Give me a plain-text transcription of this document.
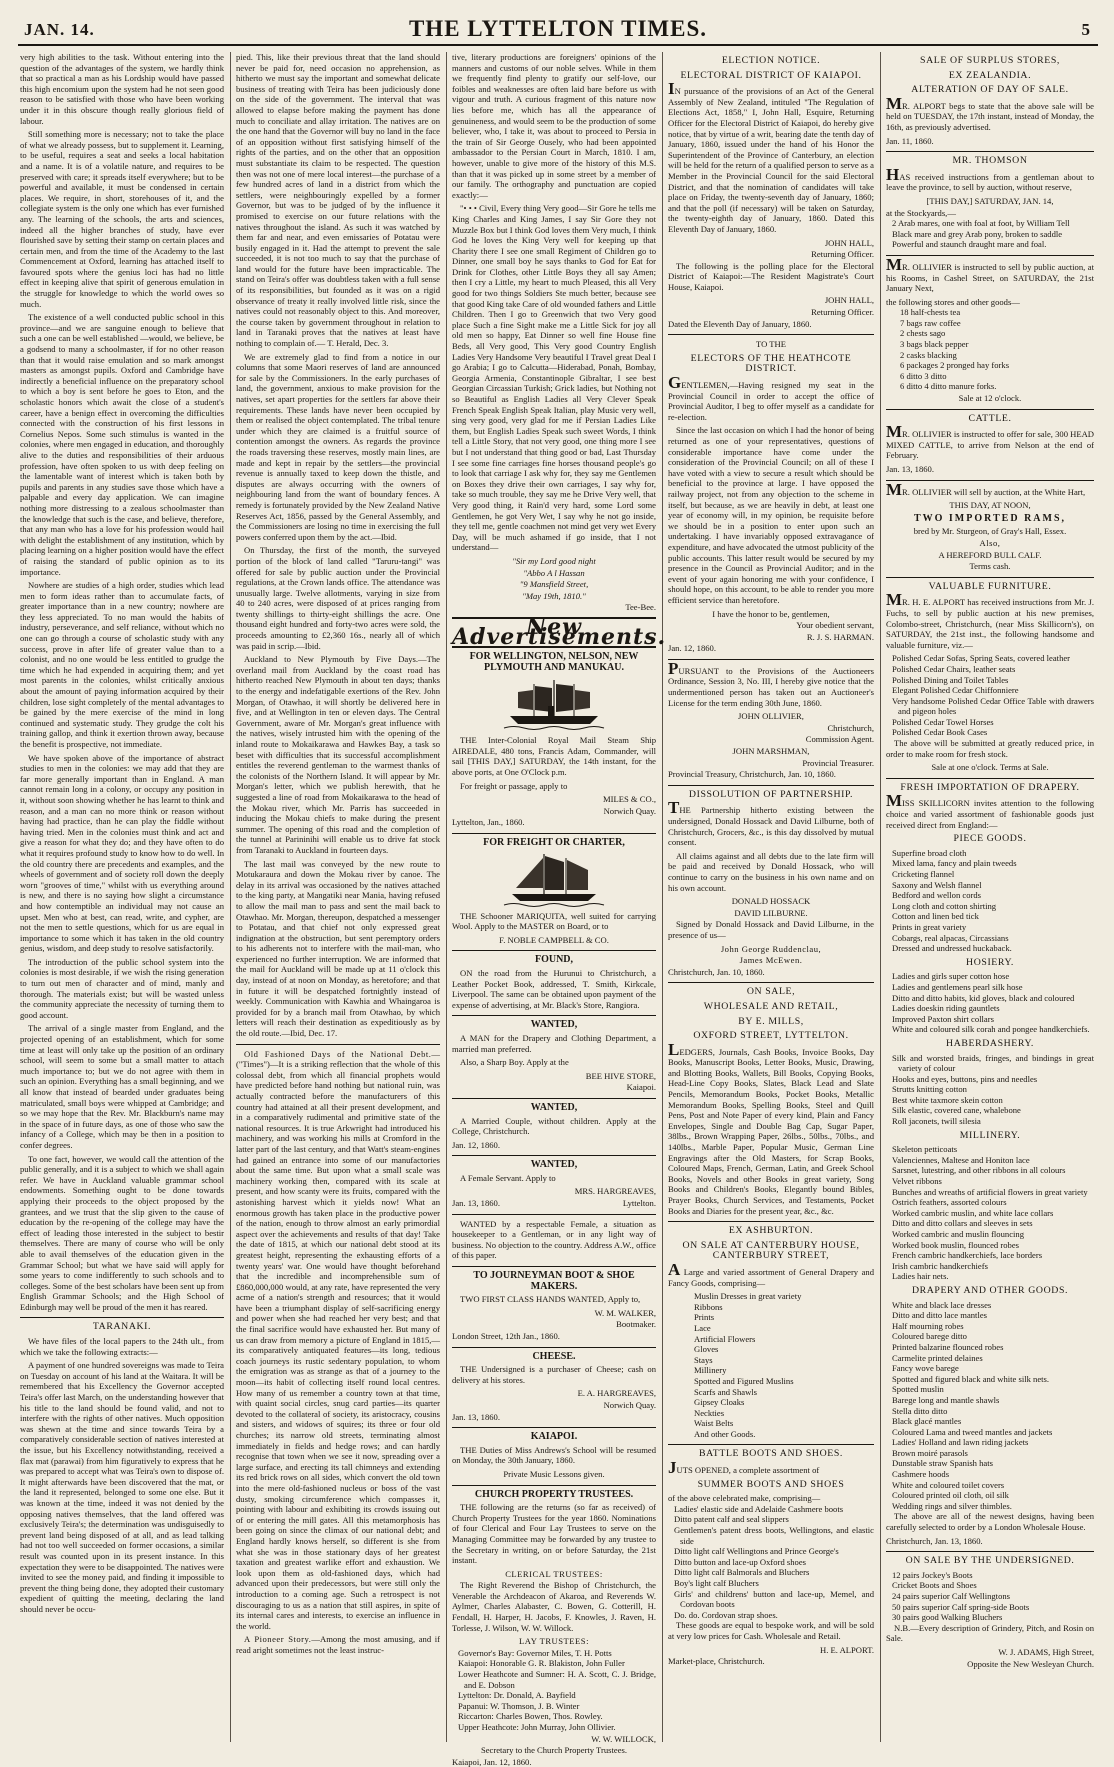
JAN. 14.	THE LYTTELTON TIMES.	5

very high abilities to the task. Without entering into the question of the advantages of the system, we hardly think that so practical a man as his Lordship would have passed this high encomium upon the system had he not seen good reason to be satisfied with those who have been working under it in this obscure though really glorious field of labour.

Still something more is necessary; not to take the place of what we already possess, but to supplement it. Learning, to be useful, requires a seat and seeks a local habitation and a name. It is of a volatile nature, and requires to be preserved with care; it spreads itself everywhere; but to be powerful and available, it must be condensed in certain places. We require, in short, storehouses of it, and the collegiate system is the only one which has ever furnished any. The learning of the schools, the arts and sciences, indeed all the higher branches of study, have ever flourished save by setting their stamp on certain places and certain men, and from the time of the Academy to the last Commencement at Oxford, learning has attached itself to favoured spots where the genius loci has had no little effect in keeping alive that spirit of generous emulation in the struggle for knowledge to which the world owes so much.

The existence of a well conducted public school in this province—and we are sanguine enough to believe that such a one can be well established —would, we believe, be a godsend to many a schoolmaster, if for no other reason than that it would raise emulation and so mark amongst masters as amongst pupils. Oxford and Cambridge have indirectly a beneficial influence on the preparatory school to which a boy is sent before he goes to Eton, and the scholastic honors which await the close of a student's career, have a benign effect in overcoming the difficulties connected with the construction of his first lessons in Cornelius Nepos. Some such stimulus is wanted in the colonies, where men engaged in education, and thoroughly alive to the duties and responsibilities of their arduous profession, have often spoken to us with deep feeling on the lamentable want of interest which is taken both by pupils and parents in any studies save those which have a palpable and every day application. We can imagine nothing more distressing to a zealous schoolmaster than the knowledge that such is the case, and believe, therefore, that any man who has a love for his profession would hail with delight the establishment of any institution, which by placing learning on a higher position would have the effect of raising the standard of public opinion as to its importance.

Nowhere are studies of a high order, studies which lead men to form ideas rather than to accumulate facts, of greater importance than in a new country; nowhere are they less appreciated. To no man would the habits of industry, perseverance, and self reliance, without which no one can go through a course of scholastic study with any success, prove in after life of greater value than to a colonist, and no one would be less entitled to grudge the time which he had expended in acquiring them; and yet most parents in the colonies, whilst critically anxious about the amount of paying information acquired by their children, lose sight completely of the mental advantages to be gained by the mere exercise of the mind in long continued and systematic study. They grudge the colt his training gallop, and think it exertion thrown away, because the benefit is prospective, not immediate.

We have spoken above of the importance of abstract studies to men in the colonies: we may add that they are far more generally important than in England. A man cannot remain long in a colony, or occupy any position in it, without soon showing whether he has learnt to think and reason, and a man can no more think or reason without having had practice, than he can play the fiddle without having tried. Men in the colonies must think and act and give a reason for what they do; and they have often to do what it requires profound study to know how to do well. In the old country there are precedents and examples, and the wheels of government and of society roll down the deeply worn "grooves of time," whilst with us everything around is new, and there is no saying how slight a circumstance and how contemptible an individual may not cause an upset. Men who at best, can read, write, and cypher, are not the men to settle questions, which for us are equal in importance to some which it has taken in the old country genius, wisdom, and deep study to resolve satisfactorily.

The introduction of the public school system into the colonies is most desirable, if we wish the rising generation to turn out men of character and of mind, manly and thorough. The materials exist; but will be wasted unless the community appreciate the necessity of turning them to good account.

The arrival of a single master from England, and the projected opening of an establishment, which for some time at least will only take up the position of an ordinary school, will seem to some but a small matter to attach much importance to; but we do not agree with them in such an opinion. Everything has a small beginning, and we all know that instead of bearded under graduates being matriculated, small boys were whipped at Cambridge; and so we may hope that the Rev. Mr. Blackburn's name may in the space of in future days, as one of those who saw the infancy of a College, which may be then in a position to confer degrees.

To one fact, however, we would call the attention of the public generally, and it is a subject to which we shall again refer. We have in Auckland valuable grammar school endowments. Something ought to be done towards applying their proceeds to the object proposed by the grantees, and we trust that the slip given to the cause of education by the re-opening of the college may have the effect of leading those interested in the subject to bestir themselves. There are many of course who will be only able to avail themselves of the education given in the Grammar School; but what we have said will apply for some years to come indifferently to such schools and to colleges. Some of the best scholars have been sent up from English Grammar Schools; and the High School of Edinburgh may well be proud of the men it has reared.

TARANAKI.

We have files of the local papers to the 24th ult., from which we take the following extracts:—

A payment of one hundred sovereigns was made to Teira on Tuesday on account of his land at the Waitara. It will be remembered that his Excellency the Governor accepted Teira's offer last March, on the understanding however that his title to the land should be found valid, and not to interfere with the rights of other natives. Much opposition was shewn at the time and since towards Teira by a comparatively considerable section of natives interested at the issue, but his Excellency notwithstanding, received a flax mat (parawai) from him figuratively to express that he was prepared to accept what was Teira's own to dispose of. It might afterwards have been discovered that the mat, or the land it represented, belonged to some one else. But it was known at the time, indeed it was not denied by the opposing natives themselves, that the land offered was exclusively Teira's; the determination was undisguisedly to prevent land being disposed of at all, and as lead talking had not too well succeeded on former occasions, a similar result was counted upon in its present instance. In this expectation they were to be disappointed. The natives were invited to see the money paid, and finding it impossible to prevent the thing being done, they adopted their customary expedient of quitting the meeting, declaring the land should never be occu-

pied. This, like their previous threat that the land should never be paid for, need occasion no apprehension, as hitherto we must say the important and somewhat delicate business of treating with Teira has been judiciously done on the side of the government. The interval that was allowed to elapse before making the payment has done much to conciliate and allay irritation. The natives are on the one hand that the Governor will buy no land in the face of an opposition without first satisfying himself of the rights of the parties, and on the other that an opposition must substantiate its claim to be respected. The question then was not one of mere local interest—the purchase of a few hundred acres of land in a district from which the settlers, were neighbouringly expelled by a former Governor, but was to be judged of by the influence it promised to exercise on our future relations with the natives throughout the island. As such it was watched by them far and near, and even emissaries of Potatau were busily engaged in it. Had the attempt to prevent the sale succeeded, it is not too much to say that the purchase of land would for the future have been impracticable. The stand on Teira's offer was doubtless taken with a full sense of its responsibilities, but founded as it was on a rigid observance of treaty it really involved little risk, since the natives could not reasonably object to this. And moreover, the course taken by government throughout in relation to land in Taranaki proves that the natives at least have nothing to complain of.— T. Herald, Dec. 3.

We are extremely glad to find from a notice in our columns that some Maori reserves of land are announced for sale by the Commissioners. In the early purchases of land, the government, anxious to make provision for the natives, set apart properties for the settlers far above their requirements. These lands have never been occupied by them or realised the object contemplated. The tribal tenure under which they are claimed is a fruitful source of contention amongst the owners. As regards the province the roads traversing these reserves, mostly main lines, are made and kept in repair by the settlers—the provincial revenue is annually taxed to keep down the thistle, and disputes are always occurring with the owners of neighbouring land from the want of boundary fences. A remedy is fortunately provided by the New Zealand Native Reserves Act, 1856, passed by the General Assembly, and the Commissioners are losing no time in exercising the full powers conferred upon them by the act.—Ibid.

On Thursday, the first of the month, the surveyed portion of the block of land called "Taruru-tangi" was offered for sale by public auction under the Provincial regulations, at the Crown lands office. The attendance was unusually large. Twelve allotments, varying in size from 40 to 240 acres, were disposed of at prices ranging from twenty shillings to thirty-eight shillings the acre. One thousand eight hundred and forty-two acres were sold, the proceeds amounting to £2,360 16s., nearly all of which was paid in scrip.—Ibid.

Auckland to New Plymouth by Five Days.—The overland mail from Auckland by the coast road has hitherto reached New Plymouth in about ten days; thanks to the energy and indefatigable exertions of the Rev. John Morgan, of Otawhao, it will shortly be delivered here in five, and at Wellington in ten or eleven days. The Central Government, aware of Mr. Morgan's great influence with the natives, wisely intrusted him with the opening of the inland route to Mokaikarawa and Hawkes Bay, a task so beset with difficulties that its successful accomplishment entitles the reverend gentleman to the warmest thanks of the colonists of the Northern Island. It will appear by Mr. Morgan's letter, which we publish herewith, that he suggested a line of road from Mokaikarawa to the head of the Mokau river, which Mr. Parris has succeeded in inducing the Mokau chiefs to make during the present summer. The opening of this road and the completion of the tunnel at Parininihi will enable us to drive fat stock from Taranaki to Auckland in fourteen days.

The last mail was conveyed by the new route to Motukaraura and down the Mokau river by canoe. The delay in its arrival was occasioned by the natives attached to the king party, at Mangatiki near Mania, having refused to allow the mail man to pass and sent the mail back to Otawhao. Mr. Morgan, thereupon, despatched a messenger to Potatau, and that chief not only expressed great indignation at the obstruction, but sent peremptory orders to his adherents not to interfere with the mail-man, who experienced no further interruption. We are informed that the mail for Auckland will be made up at 11 o'clock this day, instead of at noon on Monday, as heretofore; and that in future it will be despatched fortnightly instead of weekly. Communication with Kawhia and Whaingaroa is provided for by a branch mail from Otawhao, by which letters will reach their destination as expeditiously as by the old route.—Ibid, Dec. 17.

Old Fashioned Days of the National Debt.—("Times")—It is a striking reflection that the whole of this colossal debt, from which all financial prophets would have predicted before hand nothing but national ruin, was actually contracted before the manufacturers of this country had attained at all their present development, and in a comparatively rudimental and primitive state of the national resources. It is true Arkwright had introduced his machinery, and was working his mills at Cromford in the latter part of the last century, and that Watt's steam-engines had gained an entrance into some of our manufactories about the same time. But upon what a small scale was machinery working then, compared with its scale at present, and how scanty were its fruits, compared with the astonishing harvest which it yields now! What an enormous growth has taken place in the productive power of the nation, enough to throw almost an early primordial aspect over the achievements and results of that day! Take the date of 1815, at which our national debt stood at its greatest height, representing the exhausting efforts of a twenty years' war. One would have thought beforehand that the incredible and incomprehensible sum of £860,000,000 would, at any rate, have represented the very acme of a nation's strength and resources; that it would have been a triumphant display of self-sacrificing energy and power when she had reached her very best; and that the final sacrifice would have exhausted her. But many of us can draw from memory a picture of England in 1815,—its comparatively antiquated features—its long, tedious coach journeys its rustic sedentary population, to whom the emigration was as strange as that of a journey to the moon—its habit of collecting itself round local centres. How many of us remember a country town at that time, with quaint social circles, snug card parties—its quarter devoted to the collateral of society, its aristocracy, cousins and sisters, and widows of squires; its three or four old churches; its narrow old streets, terminating almost immediately in fields and hedge rows; and can hardly recognise that town when we see it now, spreading over a large surface, and erecting its tall chimneys and extending its red brick rows on all sides, which convert the old town into the mere old-fashioned nucleus or boss of the vast dusty, smoking circumference which compasses it, pointing with labour and exhibiting its crowds issuing out of or entering the mill gates. All this metamorphosis has been going on since the climax of our national debt; and England hardly knows herself, so different is she from what she was in those stationary days of her greatest taxation and greatest warlike effort and exhaustion. We look upon them as old-fashioned days, which had advanced upon their predecessors, but were still only the introduction to a coming age. Such a retrospect is not discouraging to us as a nation that still aspires, in spite of its internal cares and interests, to exercise an influence in the world.

A Pioneer Story.—Among the most amusing, and if read aright sometimes not the least instruc-

tive, literary productions are foreigners' opinions of the manners and customs of our noble selves. While in them we frequently find plenty to gratify our self-love, our foibles and weaknesses are often laid bare before us with vigour and truth. A curious fragment of this nature now lies before me, which has all the appearance of genuineness, and would seem to be the production of some believer, who, I take it, was about to proceed to Persia in the train of Sir George Ousely, who had been appointed ambassador to the Persian Court in March, 1810. I am, however, unable to give more of the history of this M.S. than that it was picked up in some street by a member of our family. The orthography and punctuation are copied exactly:—

"• • • Civil, Every thing Very good—Sir Gore he tells me King Charles and King James, I say Sir Gore they not Muzzle Box but I think God loves them Very much, I think God he loves the King Very well for keeping up that Charity there I see one small Regiment of Children go to Dinner, one small boy he says thanks to God for Eat for Drink for Clothes, other Little Boys they all say Amen; then I cry a Little, my heart to much Pleased, this all Very good for two things Soldiers Ste much better, because see that good King take Care of old wounded fathers and Little Children. Then I go to Greenwich that two Very good place Such a fine Sight make me a Little Sick for joy all old men so happy, Eat Dinner so well fine House fine Beds, all Very good, This Very good Country English Ladies Very Handsome Very beautiful I Travel great Deal I go Arabia; I go to Calcutta—Hiderabad, Ponah, Bombay, Georgia Armenia, Constantinople Gibraltar, I see best Georgian Circassian Turkish; Grick ladies, but Nothing not so Beautiful as English Ladies all Very Clever Speak French Speak English Speak Italian, play Music very well, sing very good, very glad for me if Persian Ladies Like them, but English Ladies Speak such sweet Words, I think tell a Little Story, that not very good, one thing more I see but I not understand that thing good or bad, Last Thursday I see some fine carriages fine horses thousand people's go to look that carriage I ask why for, they say me Gentlemen on Boxes they drive their own carriages, I say why for, take so much trouble, they say me he Drive Very well, that Very good thing, it Rain'd very hard, some Lord some Gentlemen, he got Very Wet, I say why he not go inside, they tell me, gentle coachmen not mind get very wet Every Day, will be much ashamed if go inside, that I not understand—

"Sir my Lord good night
"Abbo A l Hassan
"9 Mansfield Street,
"May 19th, 1810."
Tee-Bee.
New Advertisements.
FOR WELLINGTON, NELSON, NEW PLYMOUTH AND MANUKAU.

THE Inter-Colonial Royal Mail Steam Ship AIREDALE, 480 tons, Francis Adam, Commander, will sail [THIS DAY,] SATURDAY, the 14th instant, for the above ports, at One O'Clock p.m.

For freight or passage, apply to

MILES & CO.,
Norwich Quay.
Lyttelton, Jan., 1860.
FOR FREIGHT OR CHARTER,

THE Schooner MARIQUITA, well suited for carrying Wool. Apply to the MASTER on Board, or to

F. NOBLE CAMPBELL & CO.
FOUND,

ON the road from the Hurunui to Christchurch, a Leather Pocket Book, addressed, T. Smith, Kirkcale, Liverpool. The same can be obtained upon payment of the expense of advertising, at Mr. Black's Store, Rangiora.

WANTED,

A MAN for the Drapery and Clothing Department, a married man preferred.

Also, a Sharp Boy. Apply at the

BEE HIVE STORE,
Kaiapoi.
WANTED,

A Married Couple, without children. Apply at the College, Christchurch.

Jan. 12, 1860.
WANTED,

A Female Servant. Apply to

MRS. HARGREAVES,
Jan. 13, 1860.	Lyttelton.

WANTED by a respectable Female, a situation as housekeeper to a Gentleman, or in any light way of business. No objection to the country. Address A.W., office of this paper.

TO JOURNEYMAN BOOT & SHOE MAKERS.

TWO FIRST CLASS HANDS WANTED, Apply to,

W. M. WALKER,
Bootmaker.
London Street, 12th Jan., 1860.
CHEESE.

THE Undersigned is a purchaser of Cheese; cash on delivery at his stores.

E. A. HARGREAVES,
Norwich Quay.
Jan. 13, 1860.
KAIAPOI.

THE Duties of Miss Andrews's School will be resumed on Monday, the 30th January, 1860.

Private Music Lessons given.
CHURCH PROPERTY TRUSTEES.

THE following are the returns (so far as received) of Church Property Trustees for the year 1860. Nominations of four Clerical and Four Lay Trustees to serve on the Managing Committee may be forwarded by any trustee to the Secretary in writing, on or before Saturday, the 21st instant.

CLERICAL TRUSTEES:

The Right Reverend the Bishop of Christchurch, the Venerable the Archdeacon of Akaroa, and Reverends W. Aylmer, Charles Alabaster, C. Bowen, G. Cotterill, H. Fendall, H. Harper, H. Jacobs, F. Knowles, J. Raven, H. Torlesse, J. Wilson, W. W. Willock.

LAY TRUSTEES:
Governor's Bay: Governor Miles, T. H. Potts
Kaiapoi: Honorable G. R. Blakiston, John Fuller
Lower Heathcote and Sumner: H. A. Scott, C. J. Bridge, and E. Dobson
Lyttelton: Dr. Donald, A. Bayfield
Papanui: W. Thomson, J. B. Winter
Riccarton: Charles Bowen, Thos. Rowley.
Upper Heathcote: John Murray, John Ollivier.
W. W. WILLOCK,
Secretary to the Church Property Trustees.
Kaiapoi, Jan. 12, 1860.
ELECTION NOTICE.
ELECTORAL DISTRICT OF KAIAPOI.

IN pursuance of the provisions of an Act of the General Assembly of New Zealand, intituled "The Regulation of Elections Act, 1858," I, John Hall, Esquire, Returning Officer for the Electoral District of Kaiapoi, do hereby give notice, that by virtue of a writ, bearing date the tenth day of January, 1860, issued under the hand of his Honor the Superintendent of the Province of Canterbury, an election will be held for the return of a qualified person to serve as a Member in the Provincial Council for the said Electoral District, and that the nomination of candidates will take place on Friday, the twenty-seventh day of January, 1860; and that the poll (if necessary) will be taken on Saturday, the twenty-eighth day of January, 1860. Dated this Eleventh Day of January, 1860.

JOHN HALL,
Returning Officer.

The following is the polling place for the Electoral District of Kaiapoi:—The Resident Magistrate's Court House, Kaiapoi.

JOHN HALL,
Returning Officer.
Dated the Eleventh Day of January, 1860.
TO THE
ELECTORS OF THE HEATHCOTE DISTRICT.

GENTLEMEN,—Having resigned my seat in the Provincial Council in order to accept the office of Provincial Auditor, I beg to offer myself as a candidate for re-election.

Since the last occasion on which I had the honor of being returned as one of your representatives, questions of considerable importance have come under the consideration of the Provincial Council; on all of these I have voted with a view to secure a result which should be beneficial to the province at large. I have opposed the railway project, not from any objection to the scheme in itself, but because, as we are heavily in debt, at least one year of economy will, in my opinion, be requisite before we should be in a position to enter upon such an undertaking. I have invariably opposed extravagance of expenditure, and have advocated the utmost publicity of the public accounts. This latter result would be secured by my presence in the Council as Provincial Auditor; and in the event of your again honoring me with your confidence, I should hope, on this account, to be able to render you more efficient service than heretofore.

I have the honor to be, gentlemen,
Your obedient servant,
R. J. S. HARMAN.
Jan. 12, 1860.

PURSUANT to the Provisions of the Auctioneers Ordinance, Session 3, No. III, I hereby give notice that the undermentioned person has taken out an Auctioneer's License for the term ending 30th June, 1860.

JOHN OLLIVIER,
Christchurch,
Commission Agent.
JOHN MARSHMAN,
Provincial Treasurer.
Provincial Treasury, Christchurch, Jan. 10, 1860.
DISSOLUTION OF PARTNERSHIP.

THE Partnership hitherto existing between the undersigned, Donald Hossack and David Lilburne, both of Christchurch, Grocers, &c., is this day dissolved by mutual consent.

All claims against and all debts due to the late firm will be paid and received by Donald Hossack, who will continue to carry on the business in his own name and on his own account.

DONALD HOSSACK
DAVID LILBURNE.

Signed by Donald Hossack and David Lilburne, in the presence of us—

John George Ruddenclau,
James McEwen.
Christchurch, Jan. 10, 1860.
ON SALE,
WHOLESALE AND RETAIL,
BY E. MILLS,
OXFORD STREET, LYTTELTON.

LEDGERS, Journals, Cash Books, Invoice Books, Day Books, Manuscript Books, Letter Books, Music, Drawing, and Blotting Books, Wallets, Bill Books, Copying Books, Head-Line Copy Books, Slates, Black Lead and Slate Pencils, Memorandum Books, Pocket Books, Metallic Memorandum Books, Spelling Books, Steel and Quill Pens, Post and Note Paper of every kind, Plain and Fancy Envelopes, Single and Double Bag Cap, Sugar Paper, 38lbs., Brown Wrapping Paper, 26lbs., 50lbs., 70lbs., and 140lbs., Marble Paper, Popular Music, German Line Engravings after the Old Masters, for Scrap Books, Coloured Maps, French, German, Latin, and Greek School Books, Novels and other Books in great variety, Song Books and Children's Books, Elegantly bound Bibles, Prayer Books, Church Services, and Testaments, Pocket Books and Diaries for the present year, &c., &c.

EX ASHBURTON.
ON SALE AT CANTERBURY HOUSE, CANTERBURY STREET,

A Large and varied assortment of General Drapery and Fancy Goods, comprising—

Muslin Dresses in great variety
Ribbons
Prints
Lace
Artificial Flowers
Gloves
Stays
Millinery
Spotted and Figured Muslins
Scarfs and Shawls
Gipsey Cloaks
Neckties
Waist Belts
And other Goods.
BATTLE BOOTS AND SHOES.

JUTS OPENED, a complete assortment of

SUMMER BOOTS AND SHOES
of the above celebrated make, comprising—
Ladies' elastic side and Adelaide Cashmere boots
Ditto patent calf and seal slippers
Gentlemen's patent dress boots, Wellingtons, and elastic side
Ditto light calf Wellingtons and Prince George's
Ditto button and lace-up Oxford shoes
Ditto light calf Balmorals and Bluchers
Boy's light calf Bluchers
Girls' and childrens' button and lace-up, Memel, and Cordovan boots
Do. do. Cordovan strap shoes.

These goods are equal to bespoke work, and will be sold at very low prices for Cash. Wholesale and Retail.

H. E. ALPORT.
Market-place, Christchurch.
SALE OF SURPLUS STORES,
EX ZEALANDIA.
ALTERATION OF DAY OF SALE.

MR. ALPORT begs to state that the above sale will be held on TUESDAY, the 17th instant, instead of Monday, the 16th, as previously advertised.

Jan. 11, 1860.
MR. THOMSON

HAS received instructions from a gentleman about to leave the province, to sell by auction, without reserve,

[THIS DAY,] SATURDAY, JAN. 14,
at the Stockyards,—
2 Arab mares, one with foal at foot, by William Tell
Black mare and grey Arab pony, broken to saddle
Powerful and staunch draught mare and foal.

MR. OLLIVIER is instructed to sell by public auction, at his Rooms, in Cashel Street, on SATURDAY, the 21st January Next,

the following stores and other goods—
18 half-chests tea
7 bags raw coffee
2 chests sago
3 bags black pepper
2 casks blacking
6 packages 2 pronged hay forks
6 ditto 3 ditto
6 ditto 4 ditto manure forks.
Sale at 12 o'clock.
CATTLE.

MR. OLLIVIER is instructed to offer for sale, 300 HEAD MIXED CATTLE, to arrive from Nelson at the end of February.

Jan. 13, 1860.

MR. OLLIVIER will sell by auction, at the White Hart,

THIS DAY, AT NOON,
TWO IMPORTED RAMS,
bred by Mr. Sturgeon, of Gray's Hall, Essex.
Also,
A HEREFORD BULL CALF.
Terms cash.
VALUABLE FURNITURE.

MR. H. E. ALPORT has received instructions from Mr. J. Fuchs, to sell by public auction at his new premises, Colombo-street, Christchurch, (near Miss Skillicorn's), on SATURDAY, the 21st inst., the following handsome and valuable furniture, viz.—

Polished Cedar Sofas, Spring Seats, covered leather
Polished Cedar Chairs, leather seats
Polished Dining and Toilet Tables
Elegant Polished Cedar Chiffonniere
Very handsome Polished Cedar Office Table with drawers and pigeon holes
Polished Cedar Towel Horses
Polished Cedar Book Cases

The above will be submitted at greatly reduced price, in order to make room for fresh stock.

Sale at one o'clock. Terms at Sale.
FRESH IMPORTATION OF DRAPERY.

MISS SKILLICORN invites attention to the following choice and varied assortment of fashionable goods just received direct from England:—

PIECE GOODS.
Superfine broad cloth
Mixed lama, fancy and plain tweeds
Cricketing flannel
Saxony and Welsh flannel
Bedford and wellon cords
Long cloth and cotton shirting
Cotton and linen bed tick
Prints in great variety
Cobargs, real alpacas, Circassians
Dressed and undressed huckaback.
HOSIERY.
Ladies and girls super cotton hose
Ladies and gentlemens pearl silk hose
Ditto and ditto habits, kid gloves, black and coloured
Ladies doeskin riding gauntlets
Improved Paxton shirt collars
White and coloured silk corah and pongee handkerchiefs.
HABERDASHERY.
Silk and worsted braids, fringes, and bindings in great variety of colour
Hooks and eyes, buttons, pins and needles
Strutts knitting cotton
Best white taxmore skein cotton
Silk elastic, covered cane, whalebone
Roll jaconets, twill silesia
MILLINERY.
Skeleton petticoats
Valenciennes, Maltese and Honiton lace
Sarsnet, lutestring, and other ribbons in all colours
Velvet ribbons
Bunches and wreaths of artificial flowers in great variety
Ostrich feathers, assorted colours
Worked cambric muslin, and white lace collars
Ditto and ditto collars and sleeves in sets
Worked cambric and muslin flouncing
Worked book muslin, flounced robes
French cambric handkerchiefs, lace borders
Irish cambric handkerchiefs
Ladies hair nets.
DRAPERY AND OTHER GOODS.
White and black lace dresses
Ditto and ditto lace mantles
Half mourning robes
Coloured barege ditto
Printed balzarine flounced robes
Carmelite printed delaines
Fancy wove barege
Spotted and figured black and white silk nets.
Spotted muslin
Barege long and mantle shawls
Stella ditto ditto
Black glacé mantles
Coloured Lama and tweed mantles and jackets
Ladies' Holland and lawn riding jackets
Brown moiré parasols
Dunstable straw Spanish hats
Cashmere hoods
White and coloured toilet covers
Coloured printed oil cloth, oil silk
Wedding rings and silver thimbles.

The above are all of the newest designs, having been carefully selected to order by a London Wholesale House.

Christchurch, Jan. 13, 1860.
ON SALE BY THE UNDERSIGNED.
12 pairs Jockey's Boots
Cricket Boots and Shoes
24 pairs superior Calf Wellingtons
50 pairs superior Calf spring-side Boots
30 pairs good Walking Bluchers

N.B.—Every description of Grindery, Pitch, and Rosin on Sale.

W. J. ADAMS, High Street,
Opposite the New Wesleyan Church.
